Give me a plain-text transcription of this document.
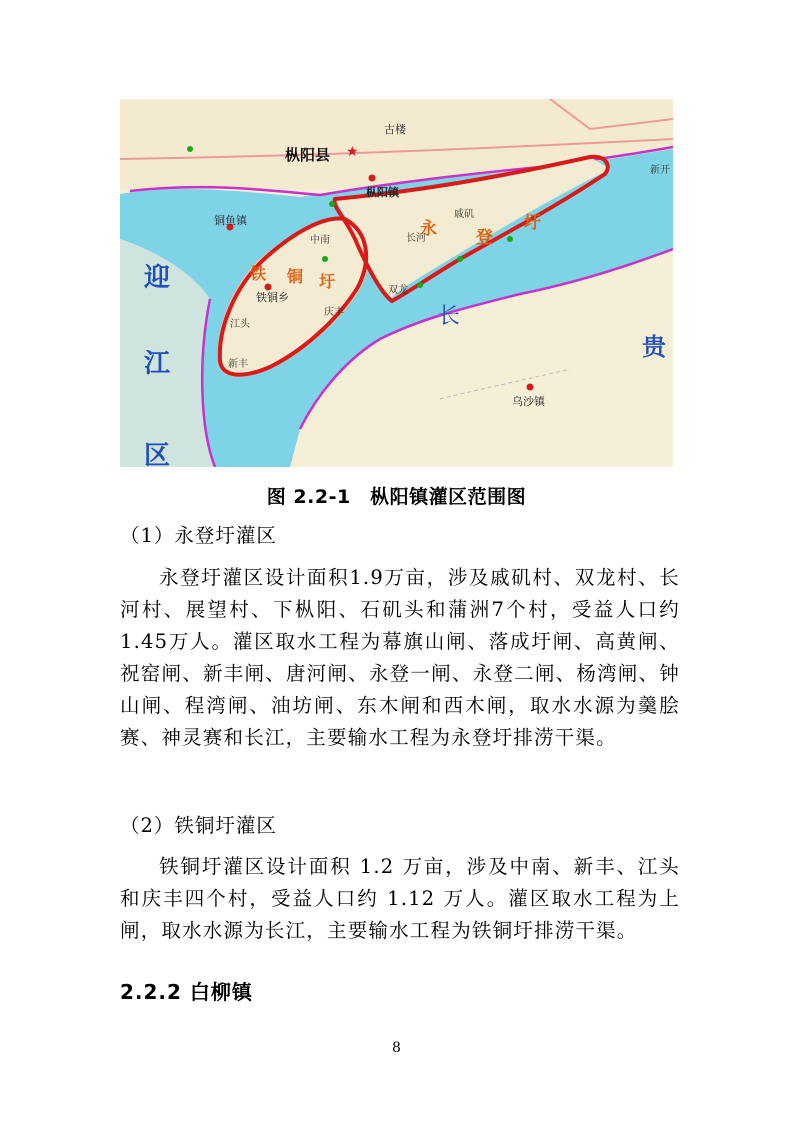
枞阳县 ★
枞阳镇
铜鱼镇
铁铜乡
乌沙镇
古楼
迎
江
区
贵
长
永 登
圩
铁 铜 圩
长河
戚矶
双龙
中南
庆丰
江头
新丰
新开
图 2.2-1　枞阳镇灌区范围图
（1）永登圩灌区
永登圩灌区设计面积1.9万亩，涉及戚矶村、双龙村、长河村、展望村、下枞阳、石矶头和蒲洲7个村，受益人口约1.45万人。灌区取水工程为幕旗山闸、落成圩闸、高黄闸、祝窑闸、新丰闸、唐河闸、永登一闸、永登二闸、杨湾闸、钟山闸、程湾闸、油坊闸、东木闸和西木闸，取水水源为羹脍赛、神灵赛和长江，主要输水工程为永登圩排涝干渠。
（2）铁铜圩灌区
铁铜圩灌区设计面积 1.2 万亩，涉及中南、新丰、江头和庆丰四个村，受益人口约 1.12 万人。灌区取水工程为上闸，取水水源为长江，主要输水工程为铁铜圩排涝干渠。
2.2.2 白柳镇
8
